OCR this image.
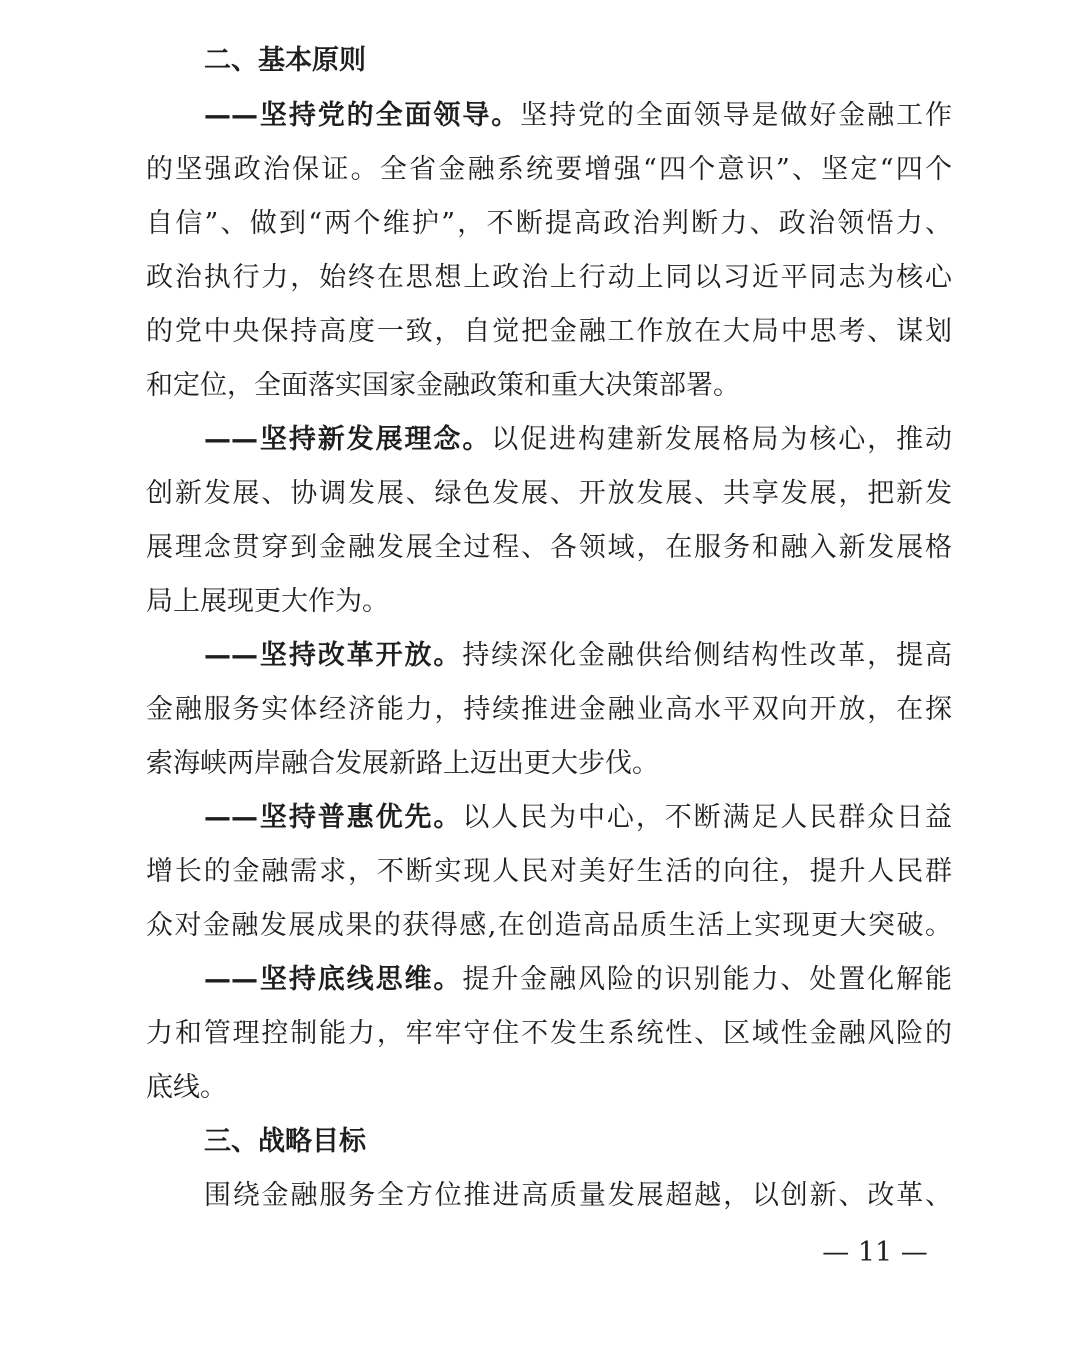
二、基本原则
——坚持党的全面领导。坚持党的全面领导是做好金融工作
的坚强政治保证。全省金融系统要增强“四个意识”、坚定“四个
自信”、做到“两个维护”，不断提高政治判断力、政治领悟力、
政治执行力，始终在思想上政治上行动上同以习近平同志为核心
的党中央保持高度一致，自觉把金融工作放在大局中思考、谋划
和定位，全面落实国家金融政策和重大决策部署。
——坚持新发展理念。以促进构建新发展格局为核心，推动
创新发展、协调发展、绿色发展、开放发展、共享发展，把新发
展理念贯穿到金融发展全过程、各领域，在服务和融入新发展格
局上展现更大作为。
——坚持改革开放。持续深化金融供给侧结构性改革，提高
金融服务实体经济能力，持续推进金融业高水平双向开放，在探
索海峡两岸融合发展新路上迈出更大步伐。
——坚持普惠优先。以人民为中心，不断满足人民群众日益
增长的金融需求，不断实现人民对美好生活的向往，提升人民群
众对金融发展成果的获得感,在创造高品质生活上实现更大突破。
——坚持底线思维。提升金融风险的识别能力、处置化解能
力和管理控制能力，牢牢守住不发生系统性、区域性金融风险的
底线。
三、战略目标
围绕金融服务全方位推进高质量发展超越，以创新、改革、
— 11 —
